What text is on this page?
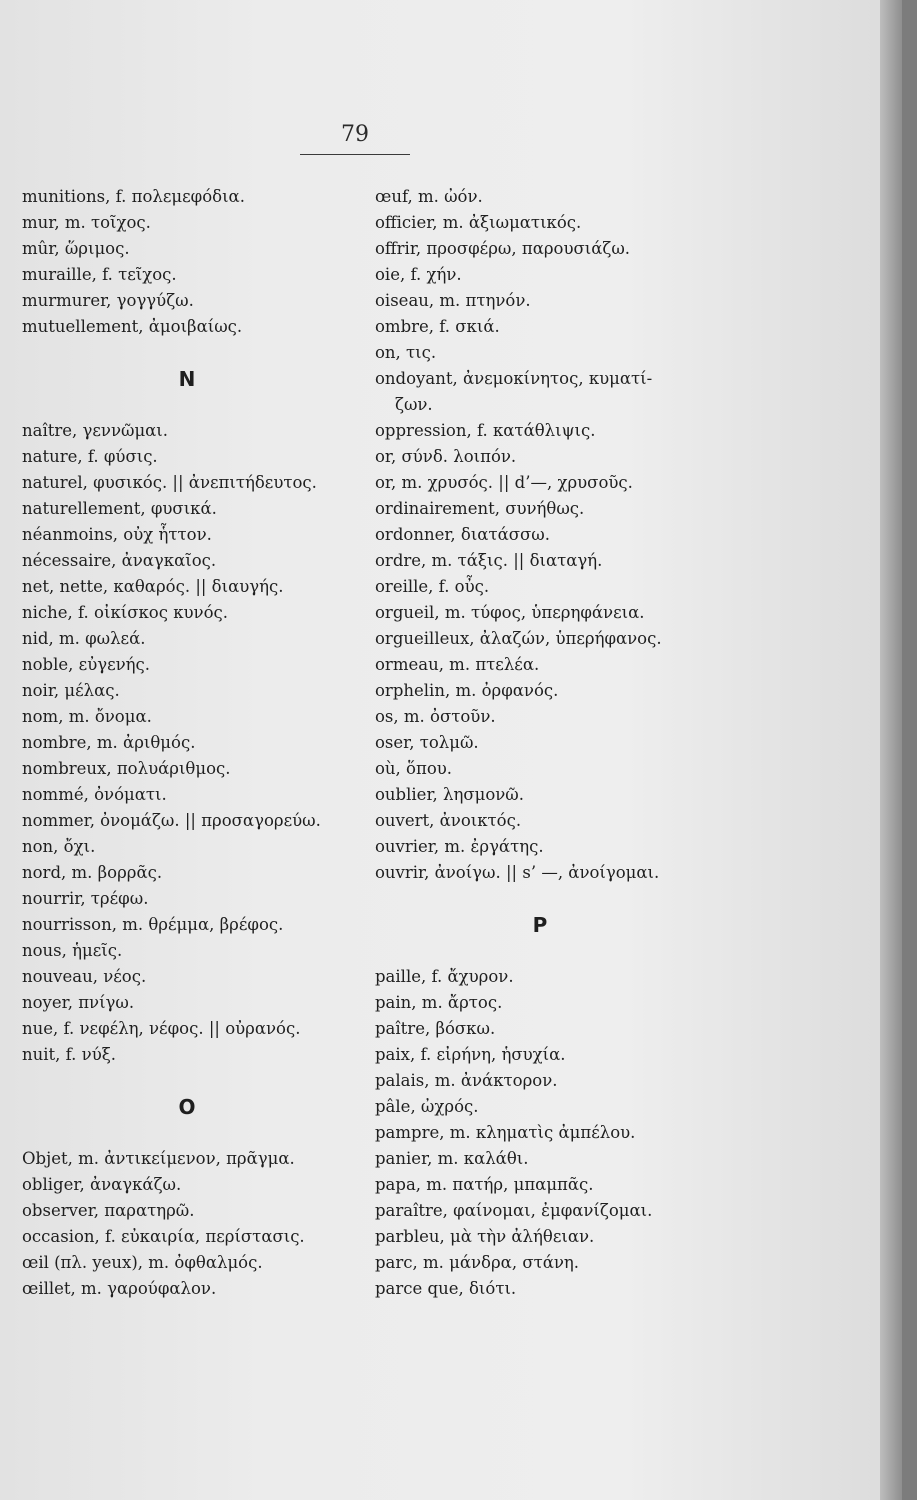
79
munitions, f. πολεμεφόδια.
mur, m. τοῖχος.
mûr, ὥριμος.
muraille, f. τεῖχος.
murmurer, γογγύζω.
mutuellement, ἀμοιβαίως.
N
naître, γεννῶμαι.
nature, f. φύσις.
naturel, φυσικός. || ἀνεπιτήδευτος.
naturellement, φυσικά.
néanmoins, οὐχ ἧττον.
nécessaire, ἀναγκαῖος.
net, nette, καθαρός. || διαυγής.
niche, f. οἰκίσκος κυνός.
nid, m. φωλεά.
noble, εὐγενής.
noir, μέλας.
nom, m. ὄνομα.
nombre, m. ἀριθμός.
nombreux, πολυάριθμος.
nommé, ὀνόματι.
nommer, ὀνομάζω. || προσαγορεύω.
non, ὄχι.
nord, m. βορρᾶς.
nourrir, τρέφω.
nourrisson, m. θρέμμα, βρέφος.
nous, ἡμεῖς.
nouveau, νέος.
noyer, πνίγω.
nue, f. νεφέλη, νέφος. || οὐρανός.
nuit, f. νύξ.
O
Objet, m. ἀντικείμενον, πρᾶγμα.
obliger, ἀναγκάζω.
observer, παρατηρῶ.
occasion, f. εὐκαιρία, περίστασις.
œil (πλ. yeux), m. ὀφθαλμός.
œillet, m. γαρούφαλον.
œuf, m. ὠόν.
officier, m. ἀξιωματικός.
offrir, προσφέρω, παρουσιάζω.
oie, f. χήν.
oiseau, m. πτηνόν.
ombre, f. σκιά.
on, τις.
ondoyant, ἀνεμοκίνητος, κυματί-
ζων.
oppression, f. κατάθλιψις.
or, σύνδ. λοιπόν.
or, m. χρυσός. || d’—, χρυσοῦς.
ordinairement, συνήθως.
ordonner, διατάσσω.
ordre, m. τάξις. || διαταγή.
oreille, f. οὖς.
orgueil, m. τύφος, ὑπερηφάνεια.
orgueilleux, ἀλαζών, ὑπερήφανος.
ormeau, m. πτελέα.
orphelin, m. ὀρφανός.
os, m. ὀστοῦν.
oser, τολμῶ.
où, ὅπου.
oublier, λησμονῶ.
ouvert, ἀνοικτός.
ouvrier, m. ἐργάτης.
ouvrir, ἀνοίγω. || s’ —, ἀνοίγομαι.
P
paille, f. ἄχυρον.
pain, m. ἄρτος.
paître, βόσκω.
paix, f. εἰρήνη, ἡσυχία.
palais, m. ἀνάκτορον.
pâle, ὠχρός.
pampre, m. κληματὶς ἀμπέλου.
panier, m. καλάθι.
papa, m. πατήρ, μπαμπᾶς.
paraître, φαίνομαι, ἐμφανίζομαι.
parbleu, μὰ τὴν ἀλήθειαν.
parc, m. μάνδρα, στάνη.
parce que, διότι.
